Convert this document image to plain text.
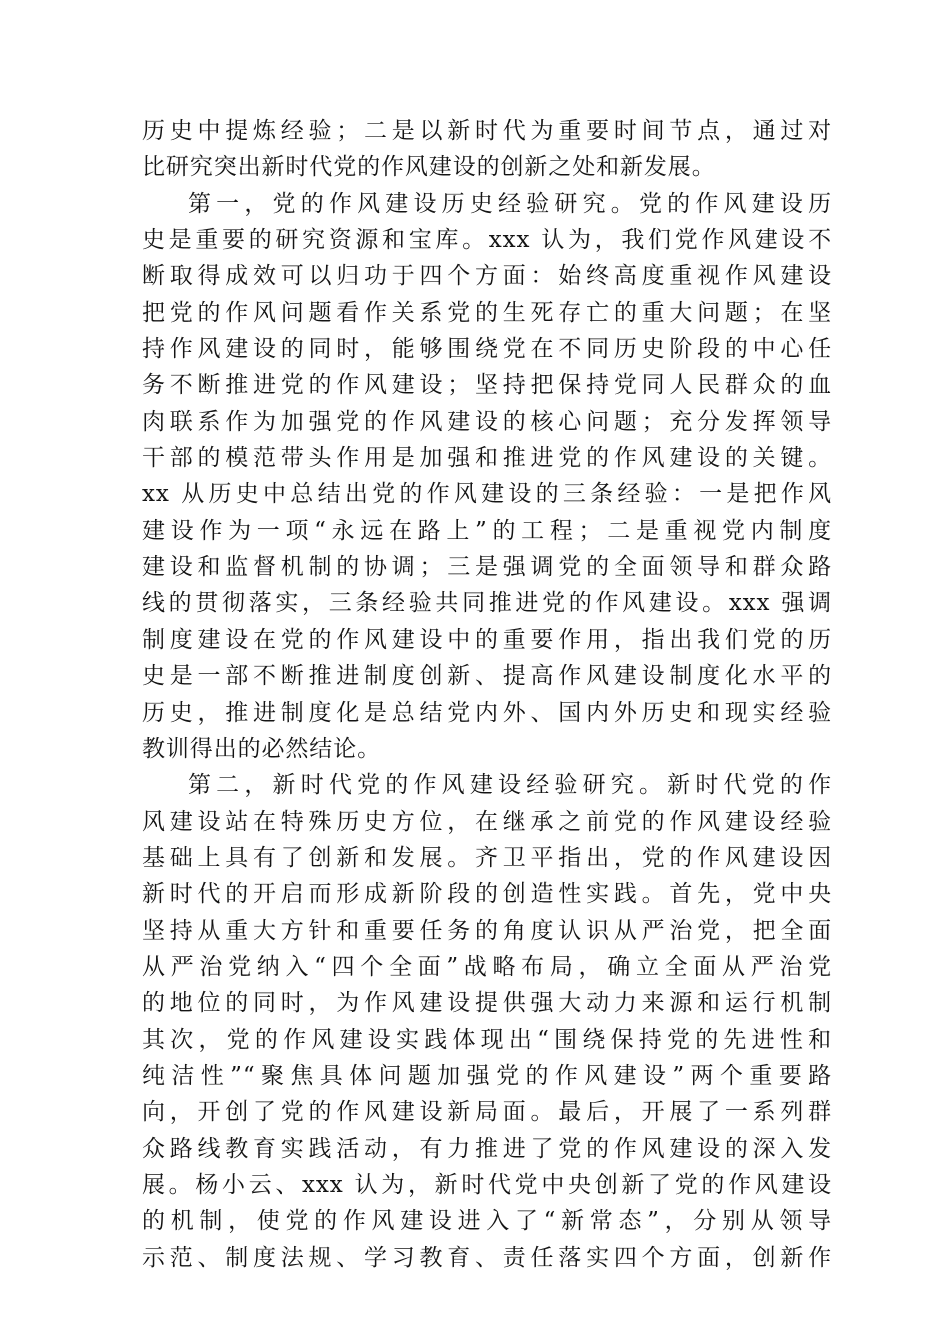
历史中提炼经验；二是以新时代为重要时间节点，通过对
比研究突出新时代党的作风建设的创新之处和新发展。
第一，党的作风建设历史经验研究。党的作风建设历
史是重要的研究资源和宝库。xxx 认为，我们党作风建设不
断取得成效可以归功于四个方面：始终高度重视作风建设
把党的作风问题看作关系党的生死存亡的重大问题；在坚
持作风建设的同时，能够围绕党在不同历史阶段的中心任
务不断推进党的作风建设；坚持把保持党同人民群众的血
肉联系作为加强党的作风建设的核心问题；充分发挥领导
干部的模范带头作用是加强和推进党的作风建设的关键。
xx 从历史中总结出党的作风建设的三条经验：一是把作风
建设作为一项“永远在路上”的工程；二是重视党内制度
建设和监督机制的协调；三是强调党的全面领导和群众路
线的贯彻落实，三条经验共同推进党的作风建设。xxx 强调
制度建设在党的作风建设中的重要作用，指出我们党的历
史是一部不断推进制度创新、提高作风建设制度化水平的
历史，推进制度化是总结党内外、国内外历史和现实经验
教训得出的必然结论。
第二，新时代党的作风建设经验研究。新时代党的作
风建设站在特殊历史方位，在继承之前党的作风建设经验
基础上具有了创新和发展。齐卫平指出，党的作风建设因
新时代的开启而形成新阶段的创造性实践。首先，党中央
坚持从重大方针和重要任务的角度认识从严治党，把全面
从严治党纳入“四个全面”战略布局，确立全面从严治党
的地位的同时，为作风建设提供强大动力来源和运行机制
其次，党的作风建设实践体现出“围绕保持党的先进性和
纯洁性”“聚焦具体问题加强党的作风建设”两个重要路
向，开创了党的作风建设新局面。最后，开展了一系列群
众路线教育实践活动，有力推进了党的作风建设的深入发
展。杨小云、xxx 认为，新时代党中央创新了党的作风建设
的机制，使党的作风建设进入了“新常态”，分别从领导
示范、制度法规、学习教育、责任落实四个方面，创新作
